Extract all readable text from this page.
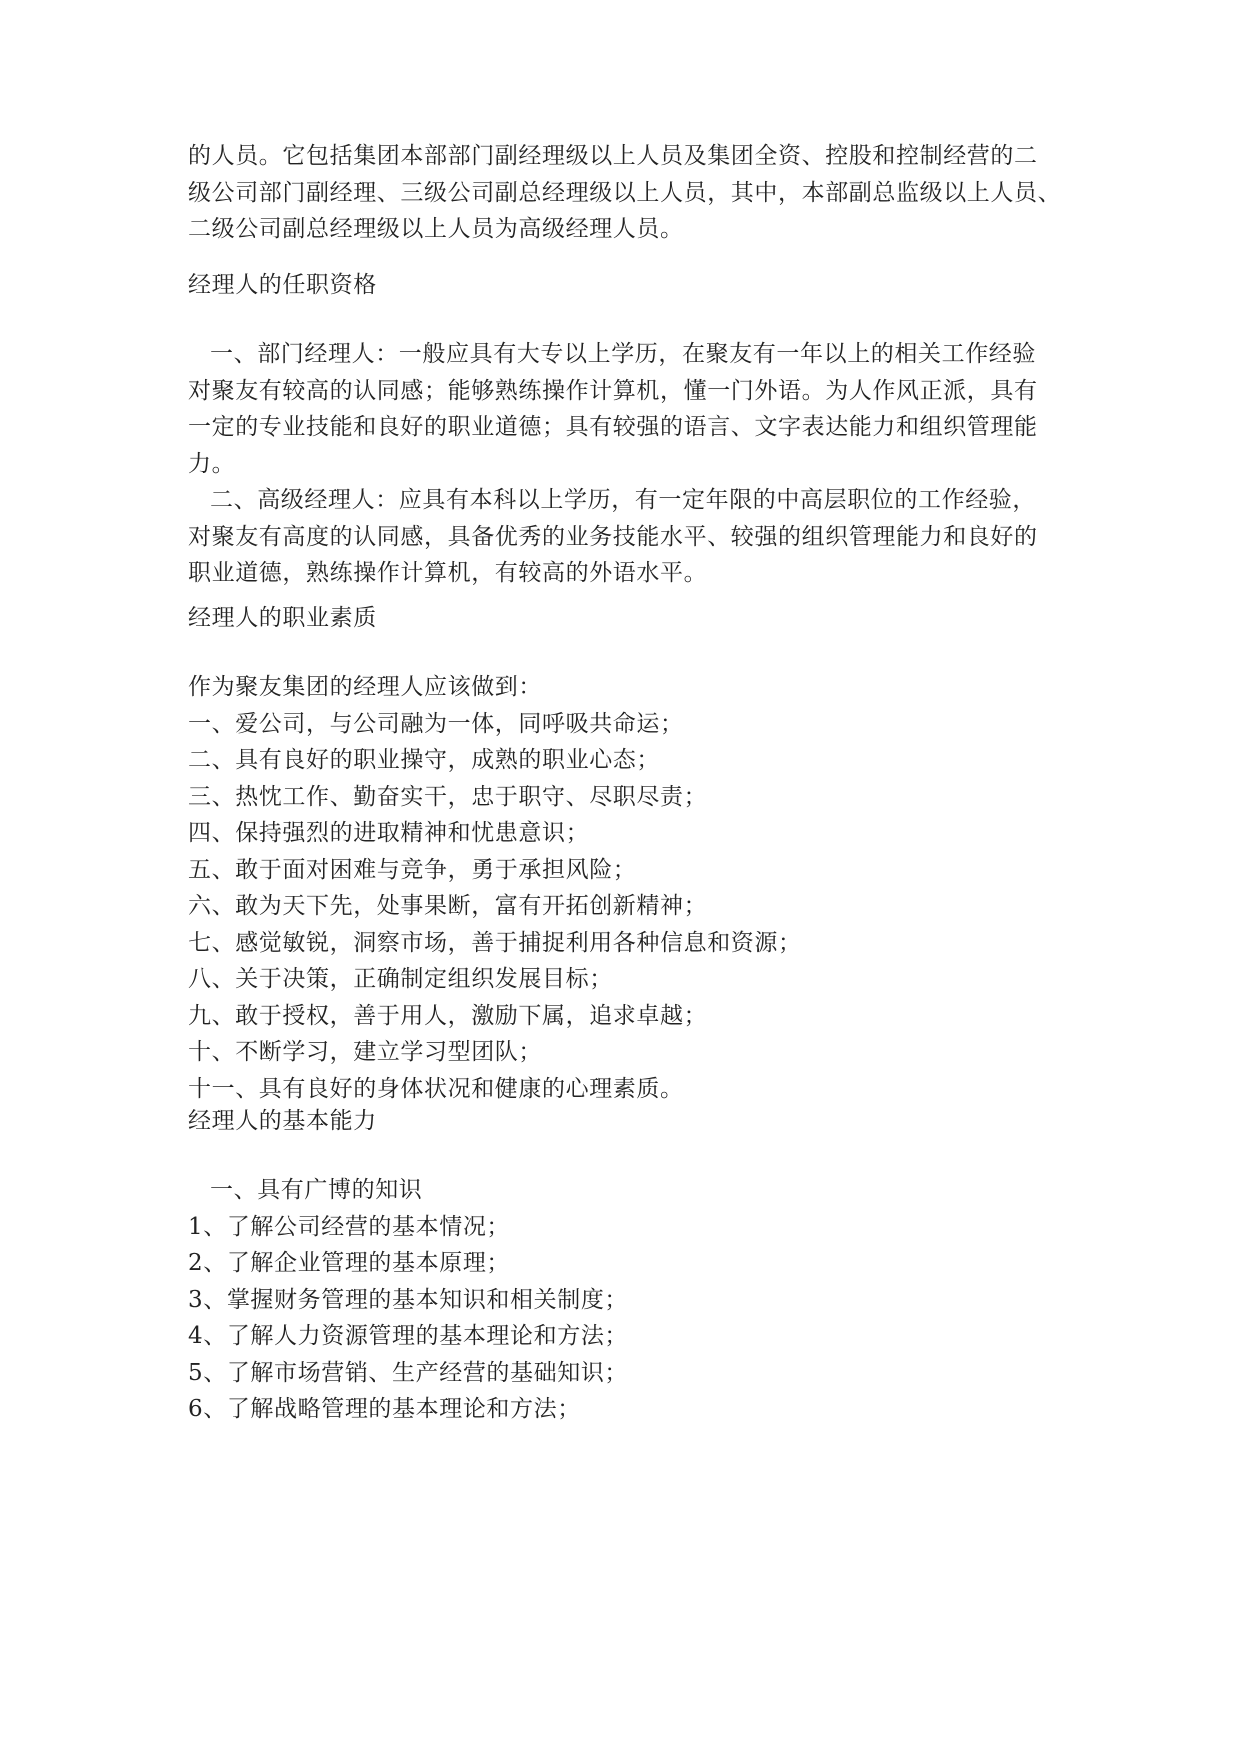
的人员。它包括集团本部部门副经理级以上人员及集团全资、控股和控制经营的二
级公司部门副经理、三级公司副总经理级以上人员，其中，本部副总监级以上人员、
二级公司副总经理级以上人员为高级经理人员。
经理人的任职资格
一、部门经理人：一般应具有大专以上学历，在聚友有一年以上的相关工作经验
对聚友有较高的认同感；能够熟练操作计算机，懂一门外语。为人作风正派，具有
一定的专业技能和良好的职业道德；具有较强的语言、文字表达能力和组织管理能
力。
二、高级经理人：应具有本科以上学历，有一定年限的中高层职位的工作经验，
对聚友有高度的认同感，具备优秀的业务技能水平、较强的组织管理能力和良好的
职业道德，熟练操作计算机，有较高的外语水平。
经理人的职业素质
作为聚友集团的经理人应该做到：
一、爱公司，与公司融为一体，同呼吸共命运；
二、具有良好的职业操守，成熟的职业心态；
三、热忱工作、勤奋实干，忠于职守、尽职尽责；
四、保持强烈的进取精神和忧患意识；
五、敢于面对困难与竞争，勇于承担风险；
六、敢为天下先，处事果断，富有开拓创新精神；
七、感觉敏锐，洞察市场，善于捕捉利用各种信息和资源；
八、关于决策，正确制定组织发展目标；
九、敢于授权，善于用人，激励下属，追求卓越；
十、不断学习，建立学习型团队；
十一、具有良好的身体状况和健康的心理素质。
经理人的基本能力
一、具有广博的知识
1、了解公司经营的基本情况；
2、了解企业管理的基本原理；
3、掌握财务管理的基本知识和相关制度；
4、了解人力资源管理的基本理论和方法；
5、了解市场营销、生产经营的基础知识；
6、了解战略管理的基本理论和方法；
